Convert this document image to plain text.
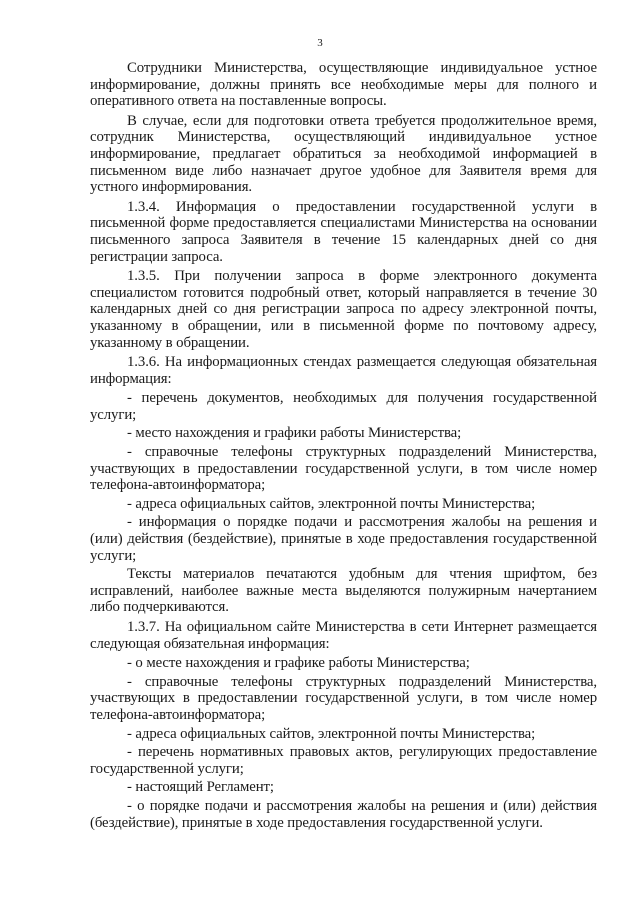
3

Сотрудники Министерства, осуществляющие индивидуальное устное информирование, должны принять все необходимые меры для полного и оперативного ответа на поставленные вопросы.

В случае, если для подготовки ответа требуется продолжительное время, сотрудник Министерства, осуществляющий индивидуальное устное информирование, предлагает обратиться за необходимой информацией в письменном виде либо назначает другое удобное для Заявителя время для устного информирования.

1.3.4. Информация о предоставлении государственной услуги в письменной форме предоставляется специалистами Министерства на основании письменного запроса Заявителя в течение 15 календарных дней со дня регистрации запроса.

1.3.5. При получении запроса в форме электронного документа специалистом готовится подробный ответ, который направляется в течение 30 календарных дней со дня регистрации запроса по адресу электронной почты, указанному в обращении, или в письменной форме по почтовому адресу, указанному в обращении.

1.3.6. На информационных стендах размещается следующая обязательная информация:

- перечень документов, необходимых для получения государственной услуги;

- место нахождения и графики работы Министерства;

- справочные телефоны структурных подразделений Министерства, участвующих в предоставлении государственной услуги, в том числе номер телефона-автоинформатора;

- адреса официальных сайтов, электронной почты Министерства;

- информация о порядке подачи и рассмотрения жалобы на решения и (или) действия (бездействие), принятые в ходе предоставления государственной услуги;

Тексты материалов печатаются удобным для чтения шрифтом, без исправлений, наиболее важные места выделяются полужирным начертанием либо подчеркиваются.

1.3.7. На официальном сайте Министерства в сети Интернет размещается следующая обязательная информация:

- о месте нахождения и графике работы Министерства;

- справочные телефоны структурных подразделений Министерства, участвующих в предоставлении государственной услуги, в том числе номер телефона-автоинформатора;

- адреса официальных сайтов, электронной почты Министерства;

- перечень нормативных правовых актов, регулирующих предоставление государственной услуги;

- настоящий Регламент;

- о порядке подачи и рассмотрения жалобы на решения и (или) действия (бездействие), принятые в ходе предоставления государственной услуги.
